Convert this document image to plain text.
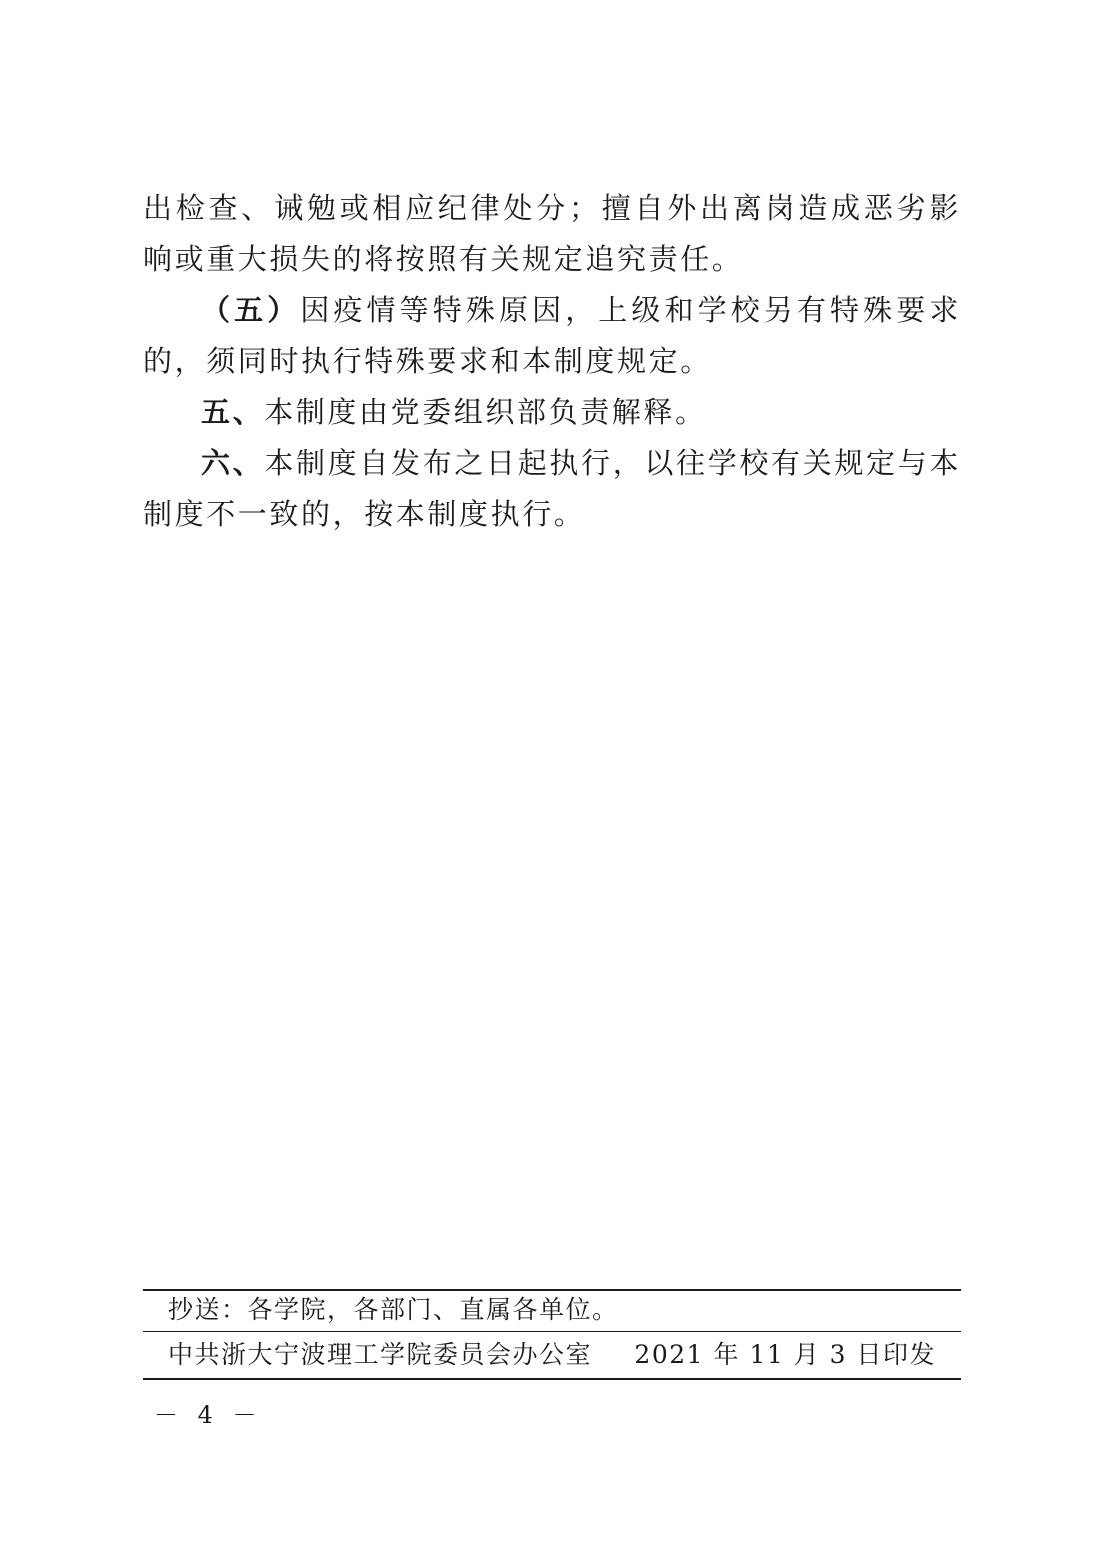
出检查、诫勉或相应纪律处分；擅自外出离岗造成恶劣影响或重大损失的将按照有关规定追究责任。

（五）因疫情等特殊原因，上级和学校另有特殊要求的，须同时执行特殊要求和本制度规定。

五、本制度由党委组织部负责解释。

六、本制度自发布之日起执行，以往学校有关规定与本制度不一致的，按本制度执行。

抄送：各学院，各部门、直属各单位。
中共浙大宁波理工学院委员会办公室 2021 年 11 月 3 日印发
－ 4 －
